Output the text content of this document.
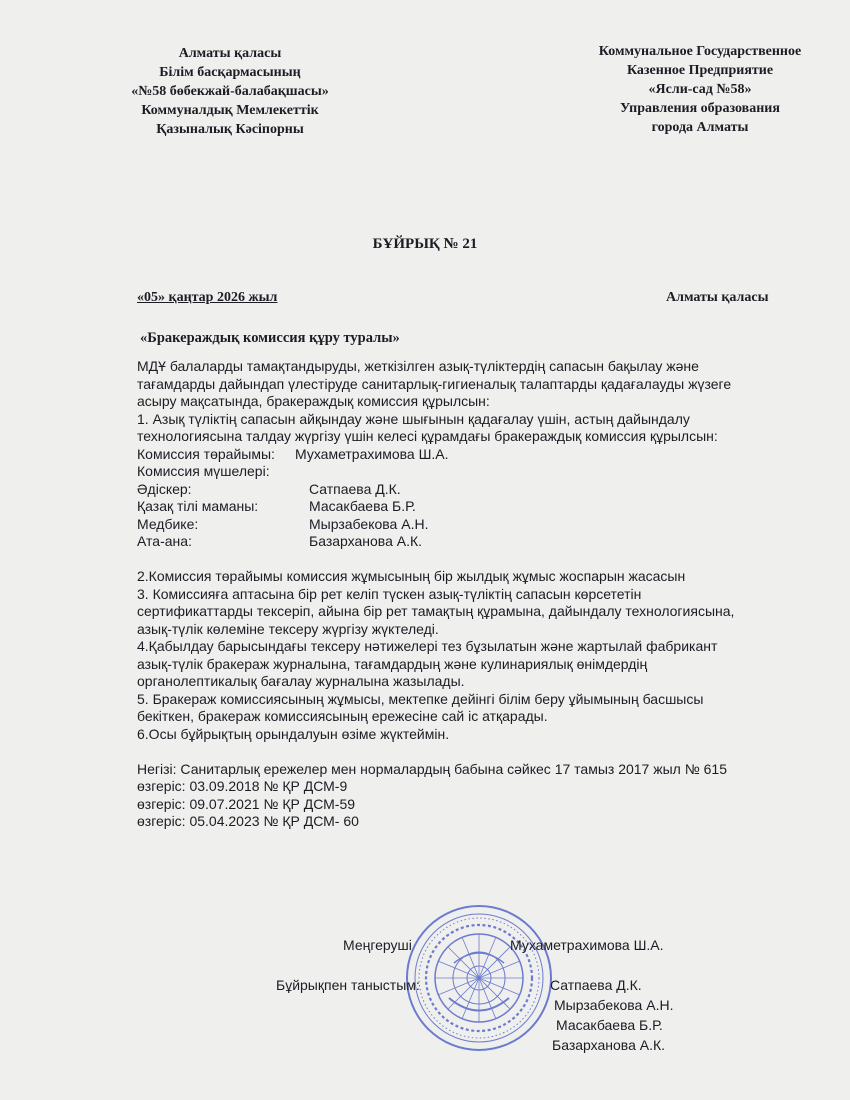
Алматы қаласы
Білім басқармасының
«№58 бөбекжай-балабақшасы»
Коммуналдық Мемлекеттік
Қазыналық Кәсіпорны
Коммунальное Государственное
Казенное Предприятие
«Ясли-сад №58»
Управления образования
города Алматы
БҰЙРЫҚ № 21
«05» қаңтар 2026 жыл	Алматы қаласы
«Бракераждық комиссия құру туралы»
МДҰ балаларды тамақтандыруды, жеткізілген азық-түліктердің сапасын бақылау және
тағамдарды дайындап үлестіруде санитарлық-гигиеналық талаптарды қадағалауды жүзеге
асыру мақсатында, бракераждық комиссия құрылсын:
1. Азық түліктің сапасын айқындау және шығынын қадағалау үшін, астың дайындалу
технологиясына талдау жүргізу үшін келесі құрамдағы бракераждық комиссия құрылсын:
Комиссия төрайымы:	Мухаметрахимова Ш.А.
Комиссия мүшелері:
Әдіскер:	Сатпаева Д.К.
Қазақ тілі маманы:	Масакбаева Б.Р.
Медбике:	Мырзабекова А.Н.
Ата-ана:	Базарханова А.К.
2.Комиссия төрайымы комиссия жұмысының бір жылдық жұмыс жоспарын жасасын
3. Комиссияға аптасына бір рет келіп түскен азық-түліктің сапасын көрсететін
сертификаттарды тексеріп, айына бір рет тамақтың құрамына, дайындалу технологиясына,
азық-түлік көлеміне тексеру жүргізу жүктеледі.
4.Қабылдау барысындағы тексеру нәтижелері тез бұзылатын және жартылай фабрикант
азық-түлік бракераж журналына, тағамдардың және кулинариялық өнімдердің
органолептикалық бағалау журналына жазылады.
5. Бракераж комиссиясының жұмысы, мектепке дейінгі білім беру ұйымының басшысы
бекіткен, бракераж комиссиясының ережесіне сай іс атқарады.
6.Осы бұйрықтың орындалуын өзіме жүктеймін.
Негізі: Санитарлық ережелер мен нормалардың бабына сәйкес 17 тамыз 2017 жыл № 615
өзгеріс: 03.09.2018 № ҚР ДСМ-9
өзгеріс: 09.07.2021 № ҚР ДСМ-59
өзгеріс: 05.04.2023 № ҚР ДСМ- 60
Меңгеруші	Мухаметрахимова Ш.А.
Бұйрықпен таныстым:	Сатпаева Д.К.
Мырзабекова А.Н.
Масакбаева Б.Р.
Базарханова А.К.
